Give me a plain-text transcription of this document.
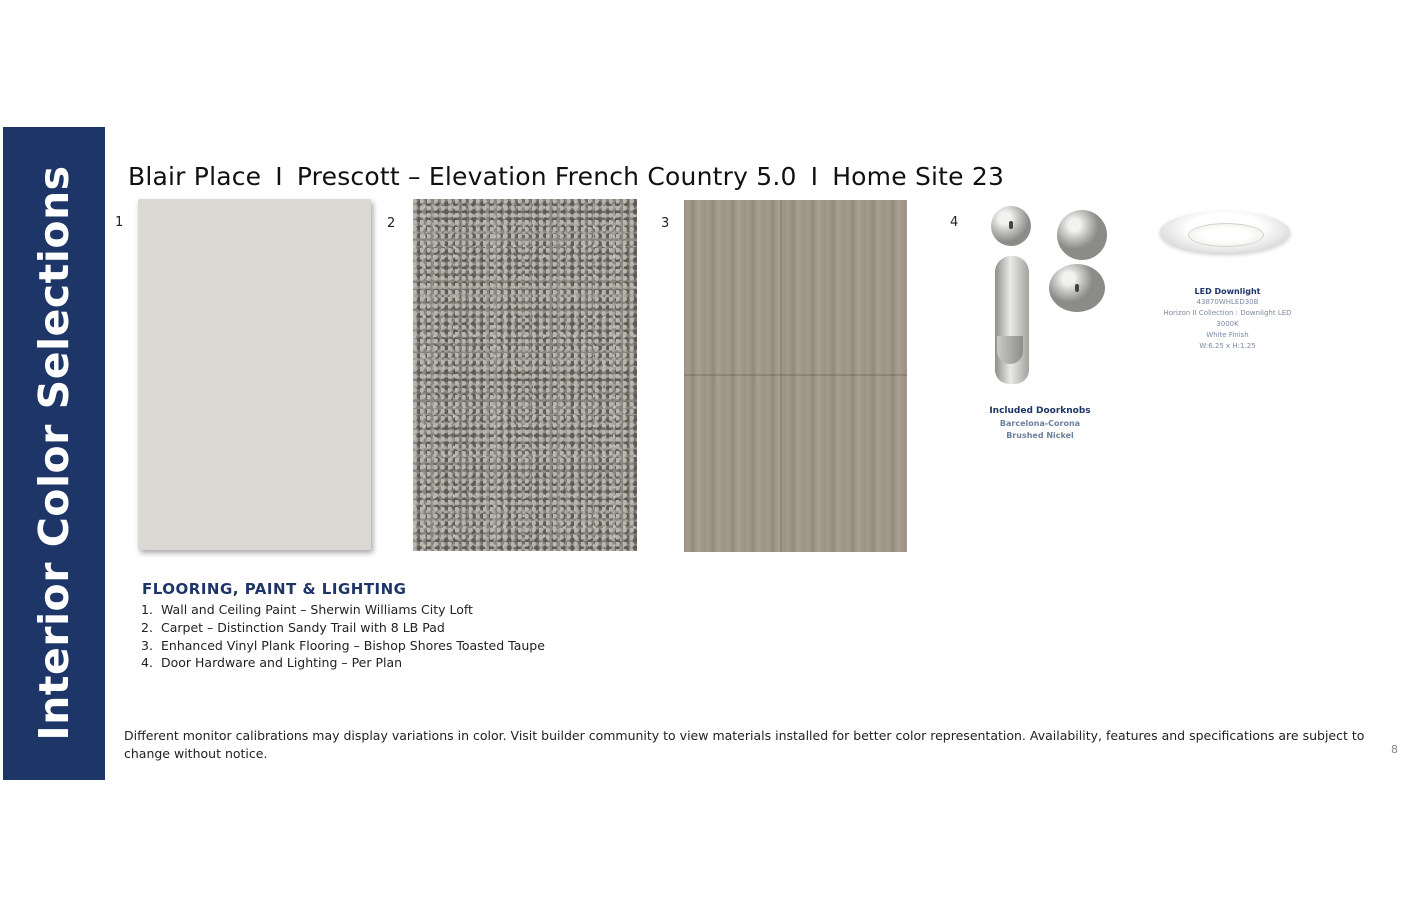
Interior Color Selections Blair Place I Prescott – Elevation French Country 5.0 I Home Site 23
1	2	3	4
Included Doorknobs
Barcelona-Corona
Brushed Nickel
LED Downlight
43870WHLED30B
Horizon II Collection : Downlight LED
3000K
White Finish
W:6.25 x H:1.25
FLOORING, PAINT & LIGHTING
1. Wall and Ceiling Paint – Sherwin Williams City Loft
2. Carpet – Distinction Sandy Trail with 8 LB Pad
3. Enhanced Vinyl Plank Flooring – Bishop Shores Toasted Taupe
4. Door Hardware and Lighting – Per Plan
Different monitor calibrations may display variations in color. Visit builder community to view materials installed for better color representation. Availability, features and specifications are subject to change without notice.	8
